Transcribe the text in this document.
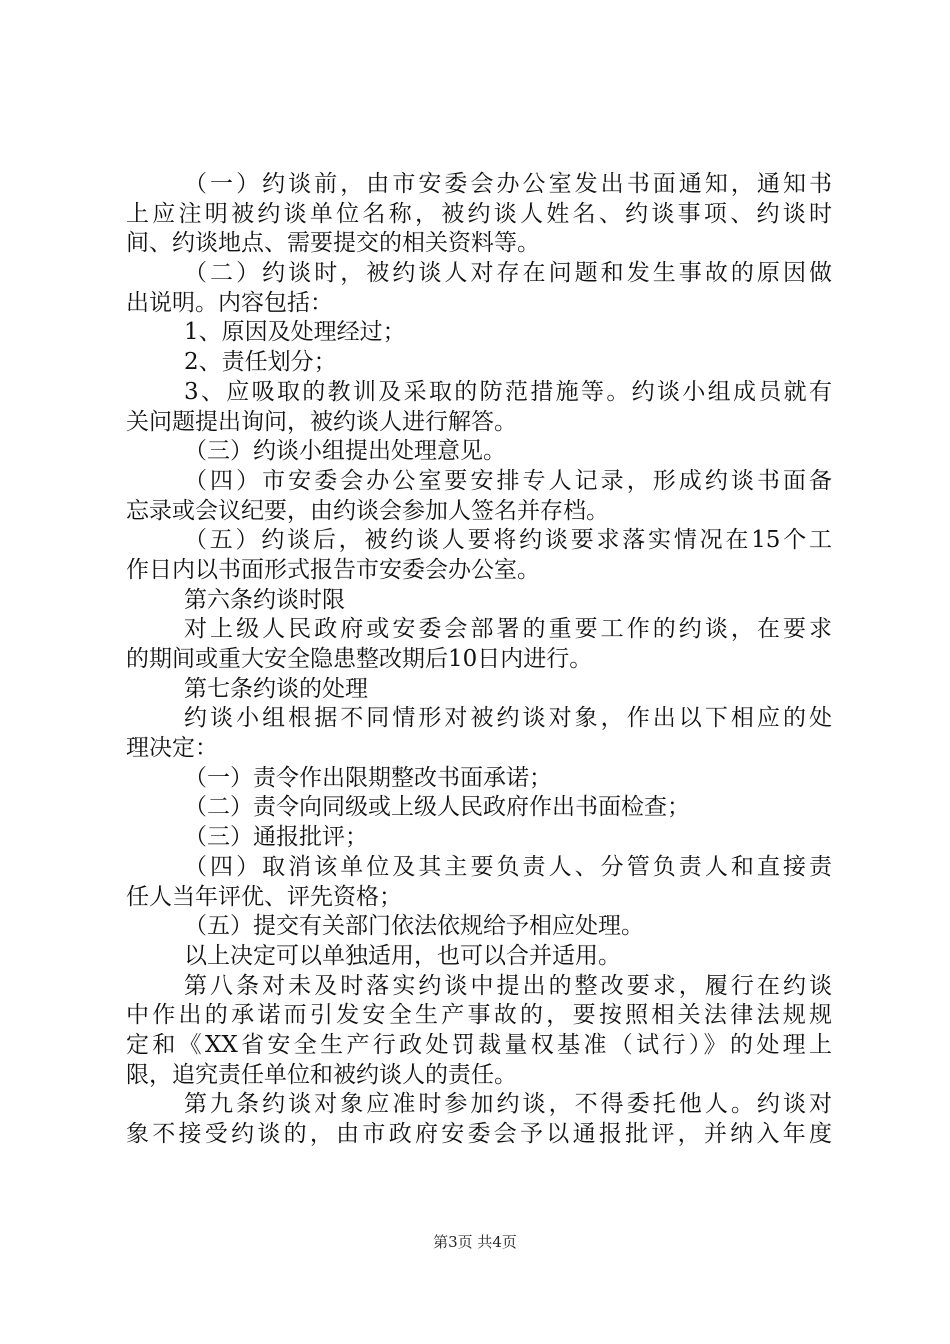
（一）约谈前，由市安委会办公室发出书面通知，通知书
上应注明被约谈单位名称，被约谈人姓名、约谈事项、约谈时
间、约谈地点、需要提交的相关资料等。
（二）约谈时，被约谈人对存在问题和发生事故的原因做
出说明。内容包括：
1、原因及处理经过；
2、责任划分；
3、应吸取的教训及采取的防范措施等。约谈小组成员就有
关问题提出询问，被约谈人进行解答。
（三）约谈小组提出处理意见。
（四）市安委会办公室要安排专人记录，形成约谈书面备
忘录或会议纪要，由约谈会参加人签名并存档。
（五）约谈后，被约谈人要将约谈要求落实情况在15个工
作日内以书面形式报告市安委会办公室。
第六条约谈时限
对上级人民政府或安委会部署的重要工作的约谈，在要求
的期间或重大安全隐患整改期后10日内进行。
第七条约谈的处理
约谈小组根据不同情形对被约谈对象，作出以下相应的处
理决定：
（一）责令作出限期整改书面承诺；
（二）责令向同级或上级人民政府作出书面检查；
（三）通报批评；
（四）取消该单位及其主要负责人、分管负责人和直接责
任人当年评优、评先资格；
（五）提交有关部门依法依规给予相应处理。
以上决定可以单独适用，也可以合并适用。
第八条对未及时落实约谈中提出的整改要求，履行在约谈
中作出的承诺而引发安全生产事故的，要按照相关法律法规规
定和《XX省安全生产行政处罚裁量权基准（试行）》的处理上
限，追究责任单位和被约谈人的责任。
第九条约谈对象应准时参加约谈，不得委托他人。约谈对
象不接受约谈的，由市政府安委会予以通报批评，并纳入年度
第3页 共4页
